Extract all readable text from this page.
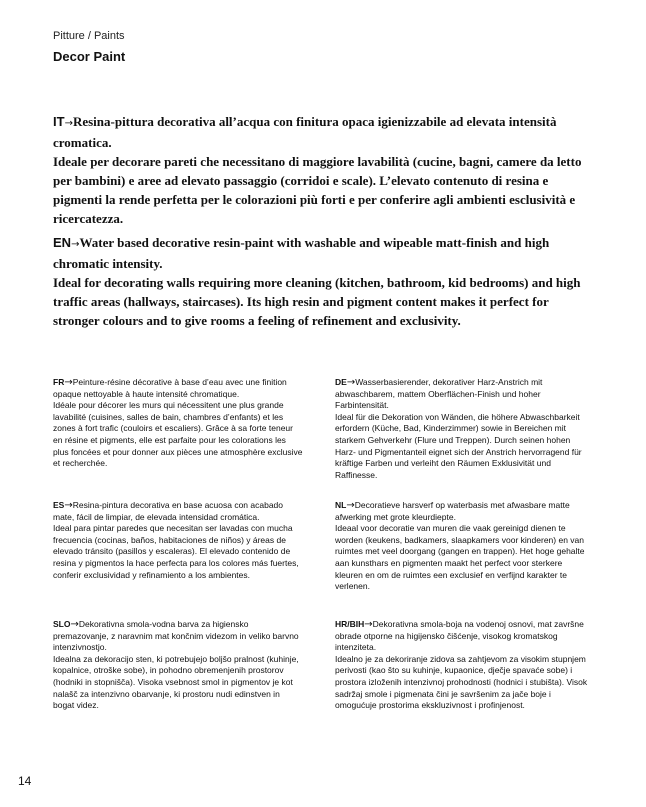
Pitture / Paints
Decor Paint
IT→Resina-pittura decorativa all’acqua con finitura opaca igienizzabile ad elevata intensità cromatica.
Ideale per decorare pareti che necessitano di maggiore lavabilità (cucine, bagni, camere da letto per bambini) e aree ad elevato passaggio (corridoi e scale). L’elevato contenuto di resina e pigmenti la rende perfetta per le colorazioni più forti e per conferire agli ambienti esclusività e ricercatezza.
EN→Water based decorative resin-paint with washable and wipeable matt-finish and high chromatic intensity.
Ideal for decorating walls requiring more cleaning (kitchen, bathroom, kid bedrooms) and high traffic areas (hallways, staircases). Its high resin and pigment content makes it perfect for stronger colours and to give rooms a feeling of refinement and exclusivity.
FR→Peinture-résine décorative à base d’eau avec une finition opaque nettoyable à haute intensité chromatique.
Idéale pour décorer les murs qui nécessitent une plus grande lavabilité (cuisines, salles de bain, chambres d’enfants) et les zones à fort trafic (couloirs et escaliers). Grâce à sa forte teneur en résine et pigments, elle est parfaite pour les colorations les plus foncées et pour donner aux pièces une atmosphère exclusive et recherchée.
DE→Wasserbasierender, dekorativer Harz-Anstrich mit abwaschbarem, mattem Oberflächen-Finish und hoher Farbintensität.
Ideal für die Dekoration von Wänden, die höhere Abwaschbarkeit erfordern (Küche, Bad, Kinderzimmer) sowie in Bereichen mit starkem Gehverkehr (Flure und Treppen). Durch seinen hohen Harz- und Pigmentanteil eignet sich der Anstrich hervorragend für kräftige Farben und verleiht den Räumen Exklusivität und Raffinesse.
ES→Resina-pintura decorativa en base acuosa con acabado mate, fácil de limpiar, de elevada intensidad cromática.
Ideal para pintar paredes que necesitan ser lavadas con mucha frecuencia (cocinas, baños, habitaciones de niños) y áreas de elevado tránsito (pasillos y escaleras). El elevado contenido de resina y pigmentos la hace perfecta para los colores más fuertes, conferir exclusividad y refinamiento a los ambientes.
NL→Decoratieve harsverf op waterbasis met afwasbare matte afwerking met grote kleurdiepte.
Ideaal voor decoratie van muren die vaak gereinigd dienen te worden (keukens, badkamers, slaapkamers voor kinderen) en van ruimtes met veel doorgang (gangen en trappen). Het hoge gehalte aan kunsthars en pigmenten maakt het perfect voor sterkere kleuren en om de ruimtes een exclusief en verfijnd karakter te verlenen.
SLO→Dekorativna smola-vodna barva za higiensko premazovanje, z naravnim mat končnim videzom in veliko barvno intenzivnostjo.
Idealna za dekoracijo sten, ki potrebujejo boljšo pralnost (kuhinje, kopalnice, otroške sobe), in pohodno obremenjenih prostorov (hodniki in stopnišča). Visoka vsebnost smol in pigmentov je kot nalašč za intenzivno obarvanje, ki prostoru nudi edinstven in bogat videz.
HR/BIH→Dekorativna smola-boja na vodenoj osnovi, mat završne obrade otporne na higijensko čišćenje, visokog kromatskog intenziteta.
Idealno je za dekoriranje zidova sa zahtjevom za visokim stupnjem perivosti (kao što su kuhinje, kupaonice, dječje spavaće sobe) i prostora izloženih intenzivnoj prohodnosti (hodnici i stubišta). Visok sadržaj smole i pigmenata čini je savršenim za jače boje i omogućuje prostorima ekskluzivnost i profinjenost.
14
